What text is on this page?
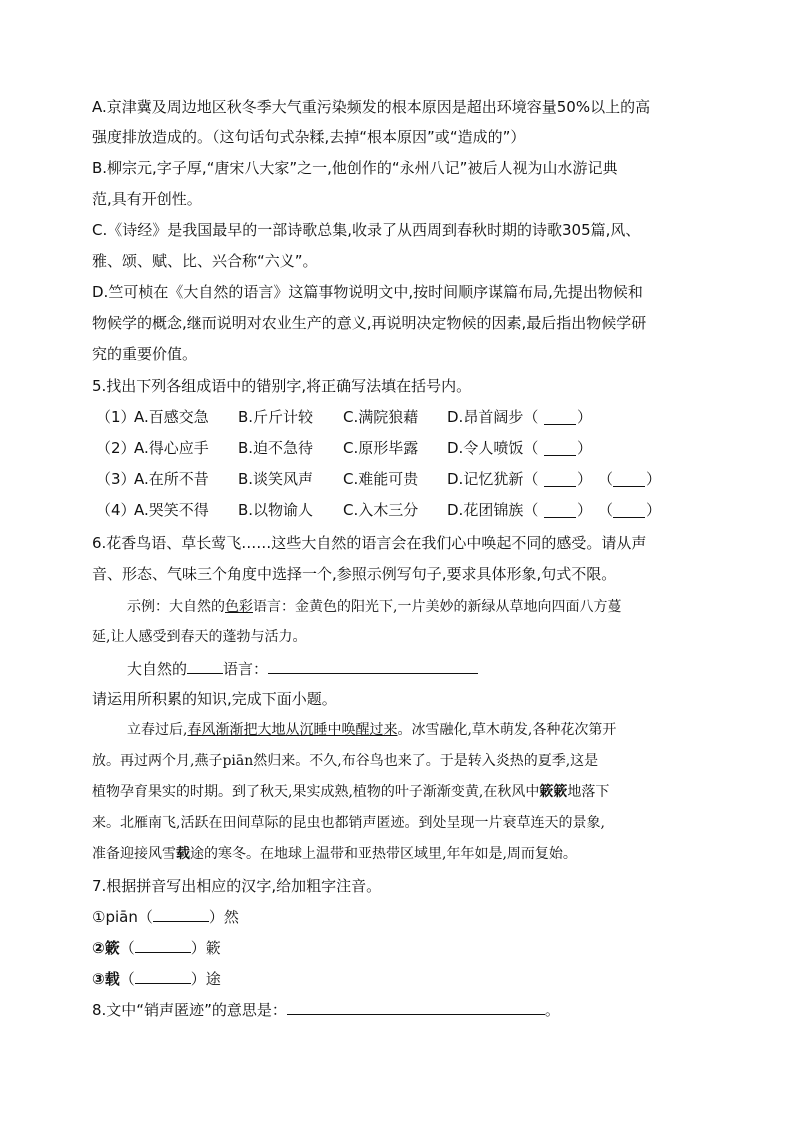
A.京津冀及周边地区秋冬季大气重污染频发的根本原因是超出环境容量50%以上的高
强度排放造成的。（这句话句式杂糅,去掉“根本原因”或“造成的”）
B.柳宗元,字子厚,“唐宋八大家”之一,他创作的“永州八记”被后人视为山水游记典
范,具有开创性。
C.《诗经》是我国最早的一部诗歌总集,收录了从西周到春秋时期的诗歌305篇,风、
雅、颂、赋、比、兴合称“六义”。
D.竺可桢在《大自然的语言》这篇事物说明文中,按时间顺序谋篇布局,先提出物候和
物候学的概念,继而说明对农业生产的意义,再说明决定物候的因素,最后指出物候学研
究的重要价值。
5.找出下列各组成语中的错别字,将正确写法填在括号内。
（1）
A.百感交急 B.斤斤计较 C.满院狼藉 D.昂首阔步（	）
（2）
A.得心应手 B.迫不急待 C.原形毕露 D.令人喷饭（	）
（3）
A.在所不昔 B.谈笑风声 C.难能可贵 D.记忆犹新（	） （ ）
（4）
A.哭笑不得 B.以物谕人 C.入木三分 D.花团锦族（	） （ ）
6.花香鸟语、草长莺飞……这些大自然的语言会在我们心中唤起不同的感受。请从声
音、形态、气味三个角度中选择一个,参照示例写句子,要求具体形象,句式不限。
示例：大自然的色彩语言：金黄色的阳光下,一片美妙的新绿从草地向四面八方蔓
延,让人感受到春天的蓬勃与活力。
大自然的 语言：
请运用所积累的知识,完成下面小题。
立春过后,春风渐渐把大地从沉睡中唤醒过来。冰雪融化,草木萌发,各种花次第开
放。再过两个月,燕子piān然归来。不久,布谷鸟也来了。于是转入炎热的夏季,这是
植物孕育果实的时期。到了秋天,果实成熟,植物的叶子渐渐变黄,在秋风中簌簌地落下
来。北雁南飞,活跃在田间草际的昆虫也都销声匿迹。到处呈现一片衰草连天的景象,
准备迎接风雪载途的寒冬。在地球上温带和亚热带区域里,年年如是,周而复始。
7.根据拼音写出相应的汉字,给加粗字注音。
①piān（	）然
②簌（	）簌
③载（	）途
8.文中“销声匿迹”的意思是：	。
